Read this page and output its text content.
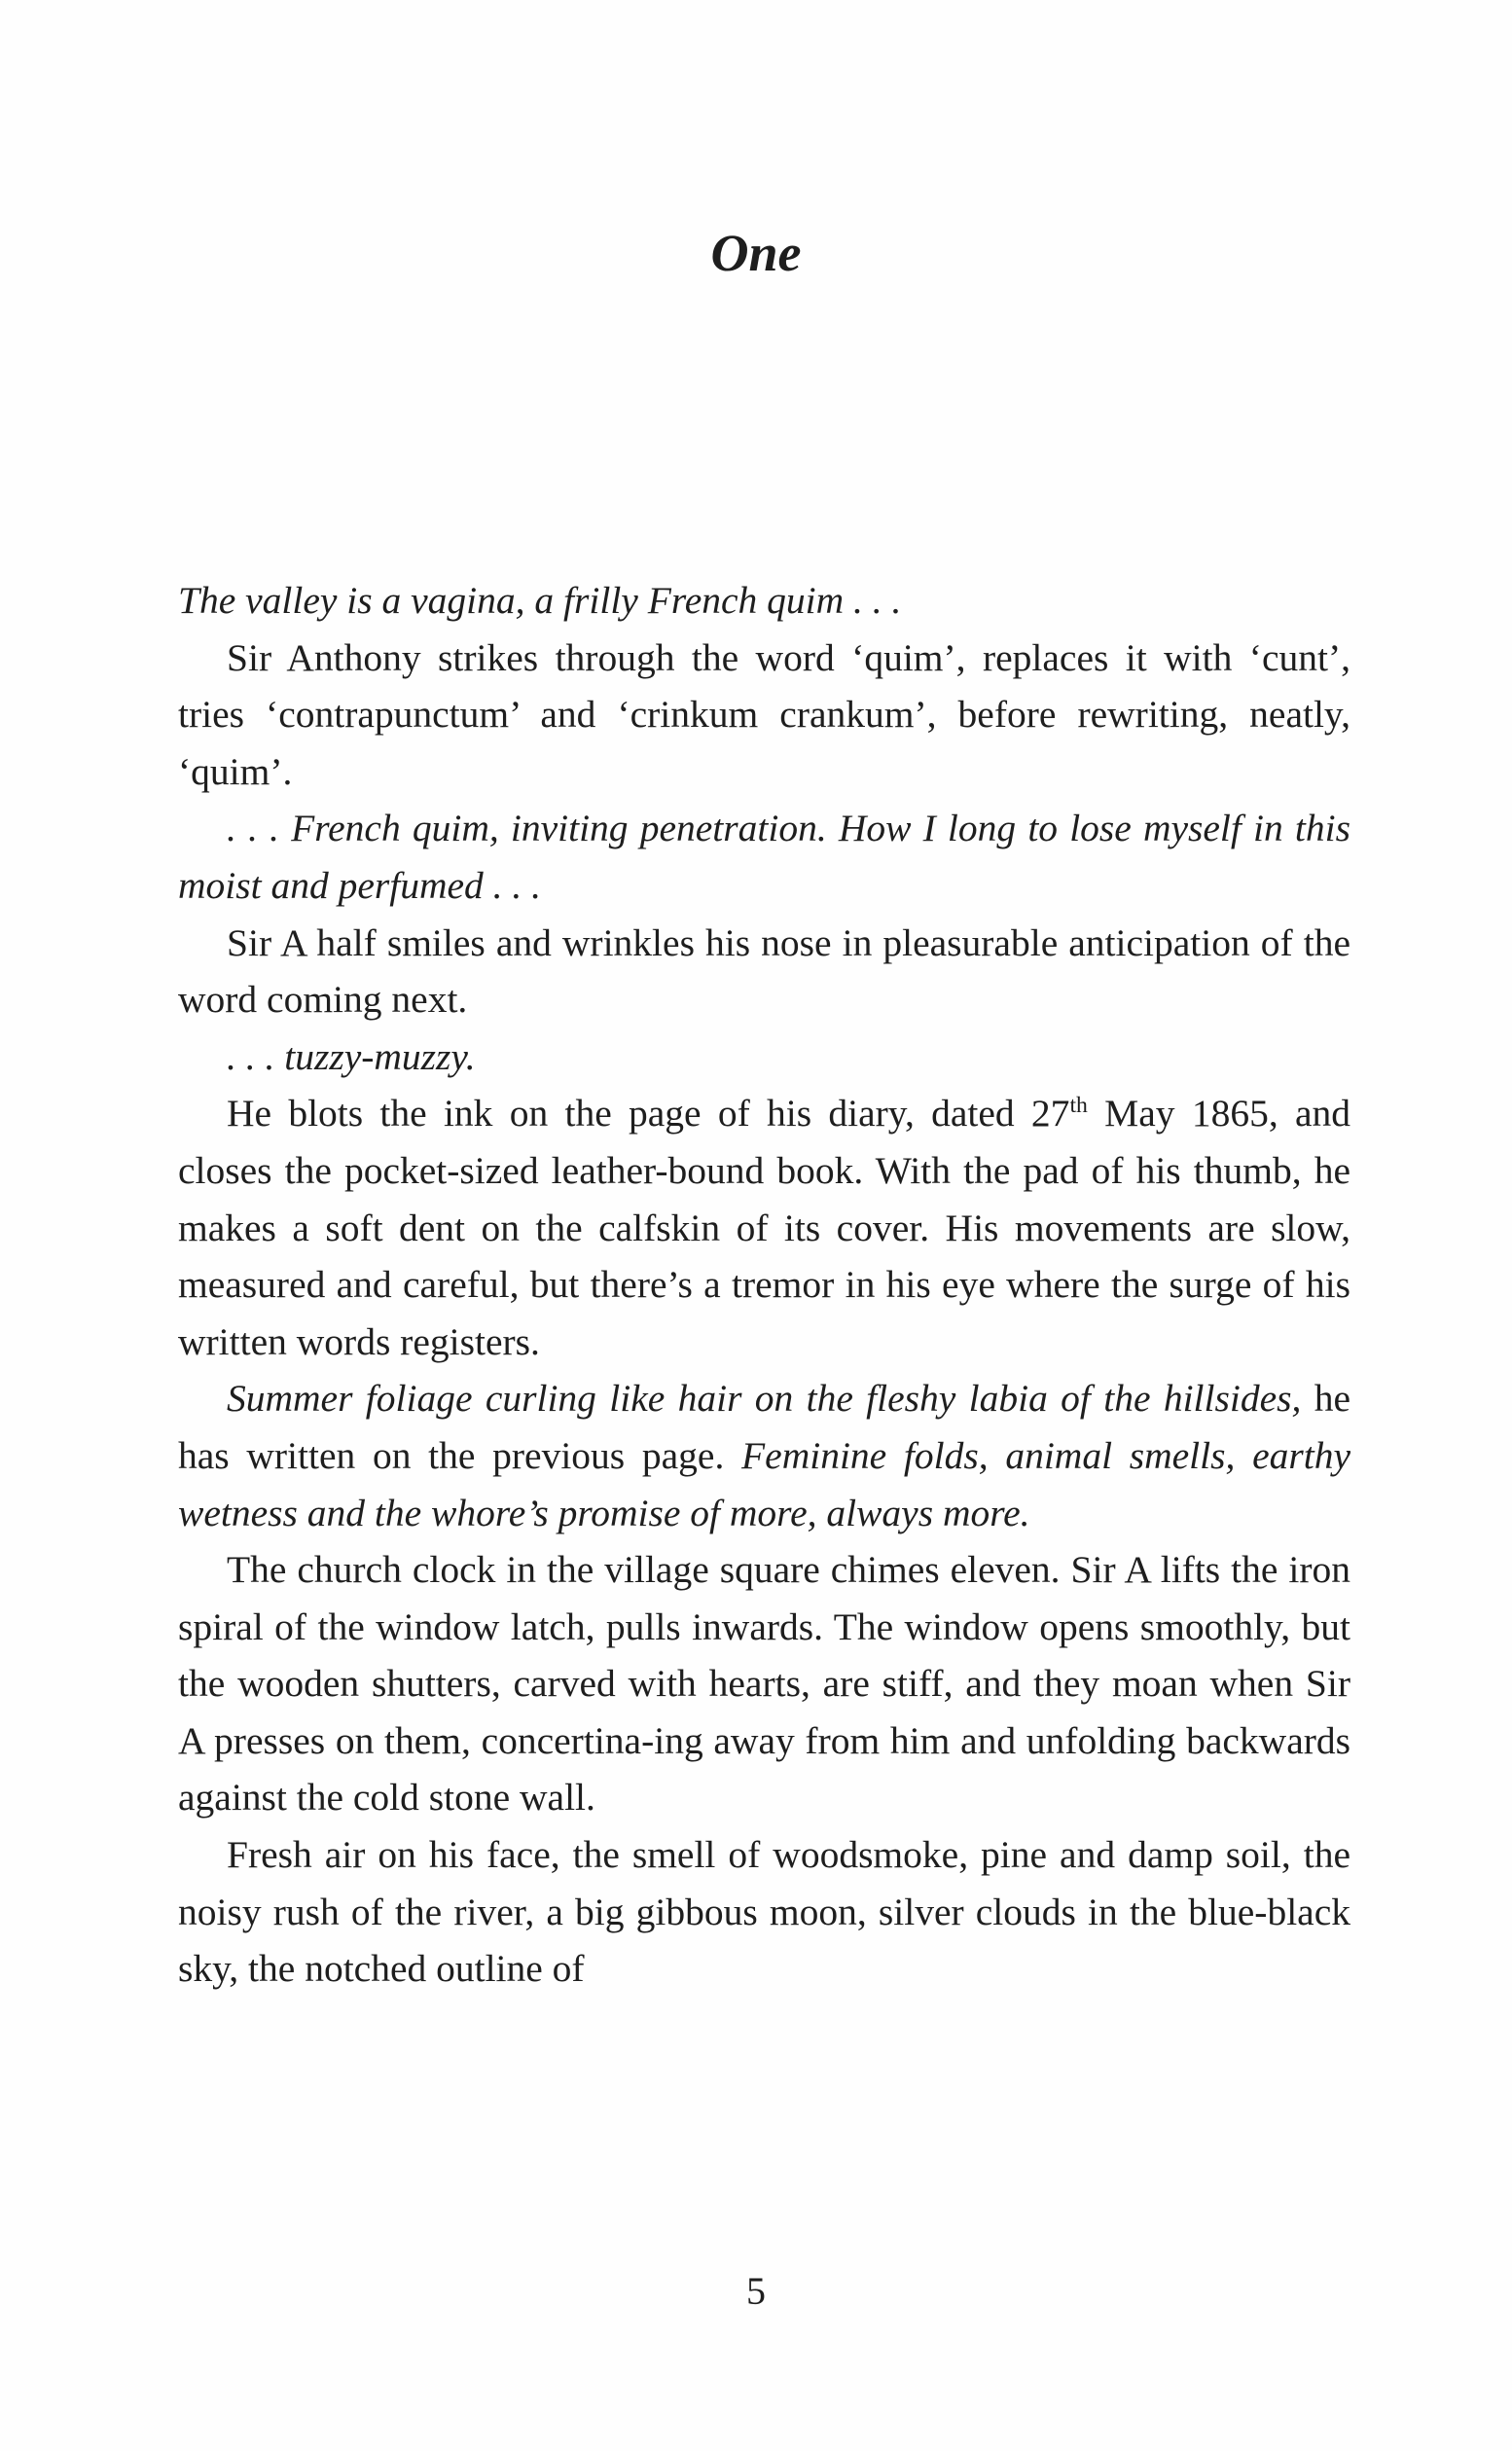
One

The valley is a vagina, a frilly French quim . . .

Sir Anthony strikes through the word ‘quim’, replaces it with ‘cunt’, tries ‘contrapunctum’ and ‘crinkum crankum’, before rewriting, neatly, ‘quim’.

. . . French quim, inviting penetration. How I long to lose myself in this moist and perfumed . . .

Sir A half smiles and wrinkles his nose in pleasurable anticipation of the word coming next.

. . . tuzzy-muzzy.

He blots the ink on the page of his diary, dated 27th May 1865, and closes the pocket-sized leather-bound book. With the pad of his thumb, he makes a soft dent on the calfskin of its cover. His movements are slow, measured and careful, but there’s a tremor in his eye where the surge of his written words registers.

Summer foliage curling like hair on the fleshy labia of the hillsides, he has written on the previous page. Feminine folds, animal smells, earthy wetness and the whore’s promise of more, always more.

The church clock in the village square chimes eleven. Sir A lifts the iron spiral of the window latch, pulls inwards. The window opens smoothly, but the wooden shutters, carved with hearts, are stiff, and they moan when Sir A presses on them, concertina-ing away from him and unfolding backwards against the cold stone wall.

Fresh air on his face, the smell of woodsmoke, pine and damp soil, the noisy rush of the river, a big gibbous moon, silver clouds in the blue-black sky, the notched outline of

5
